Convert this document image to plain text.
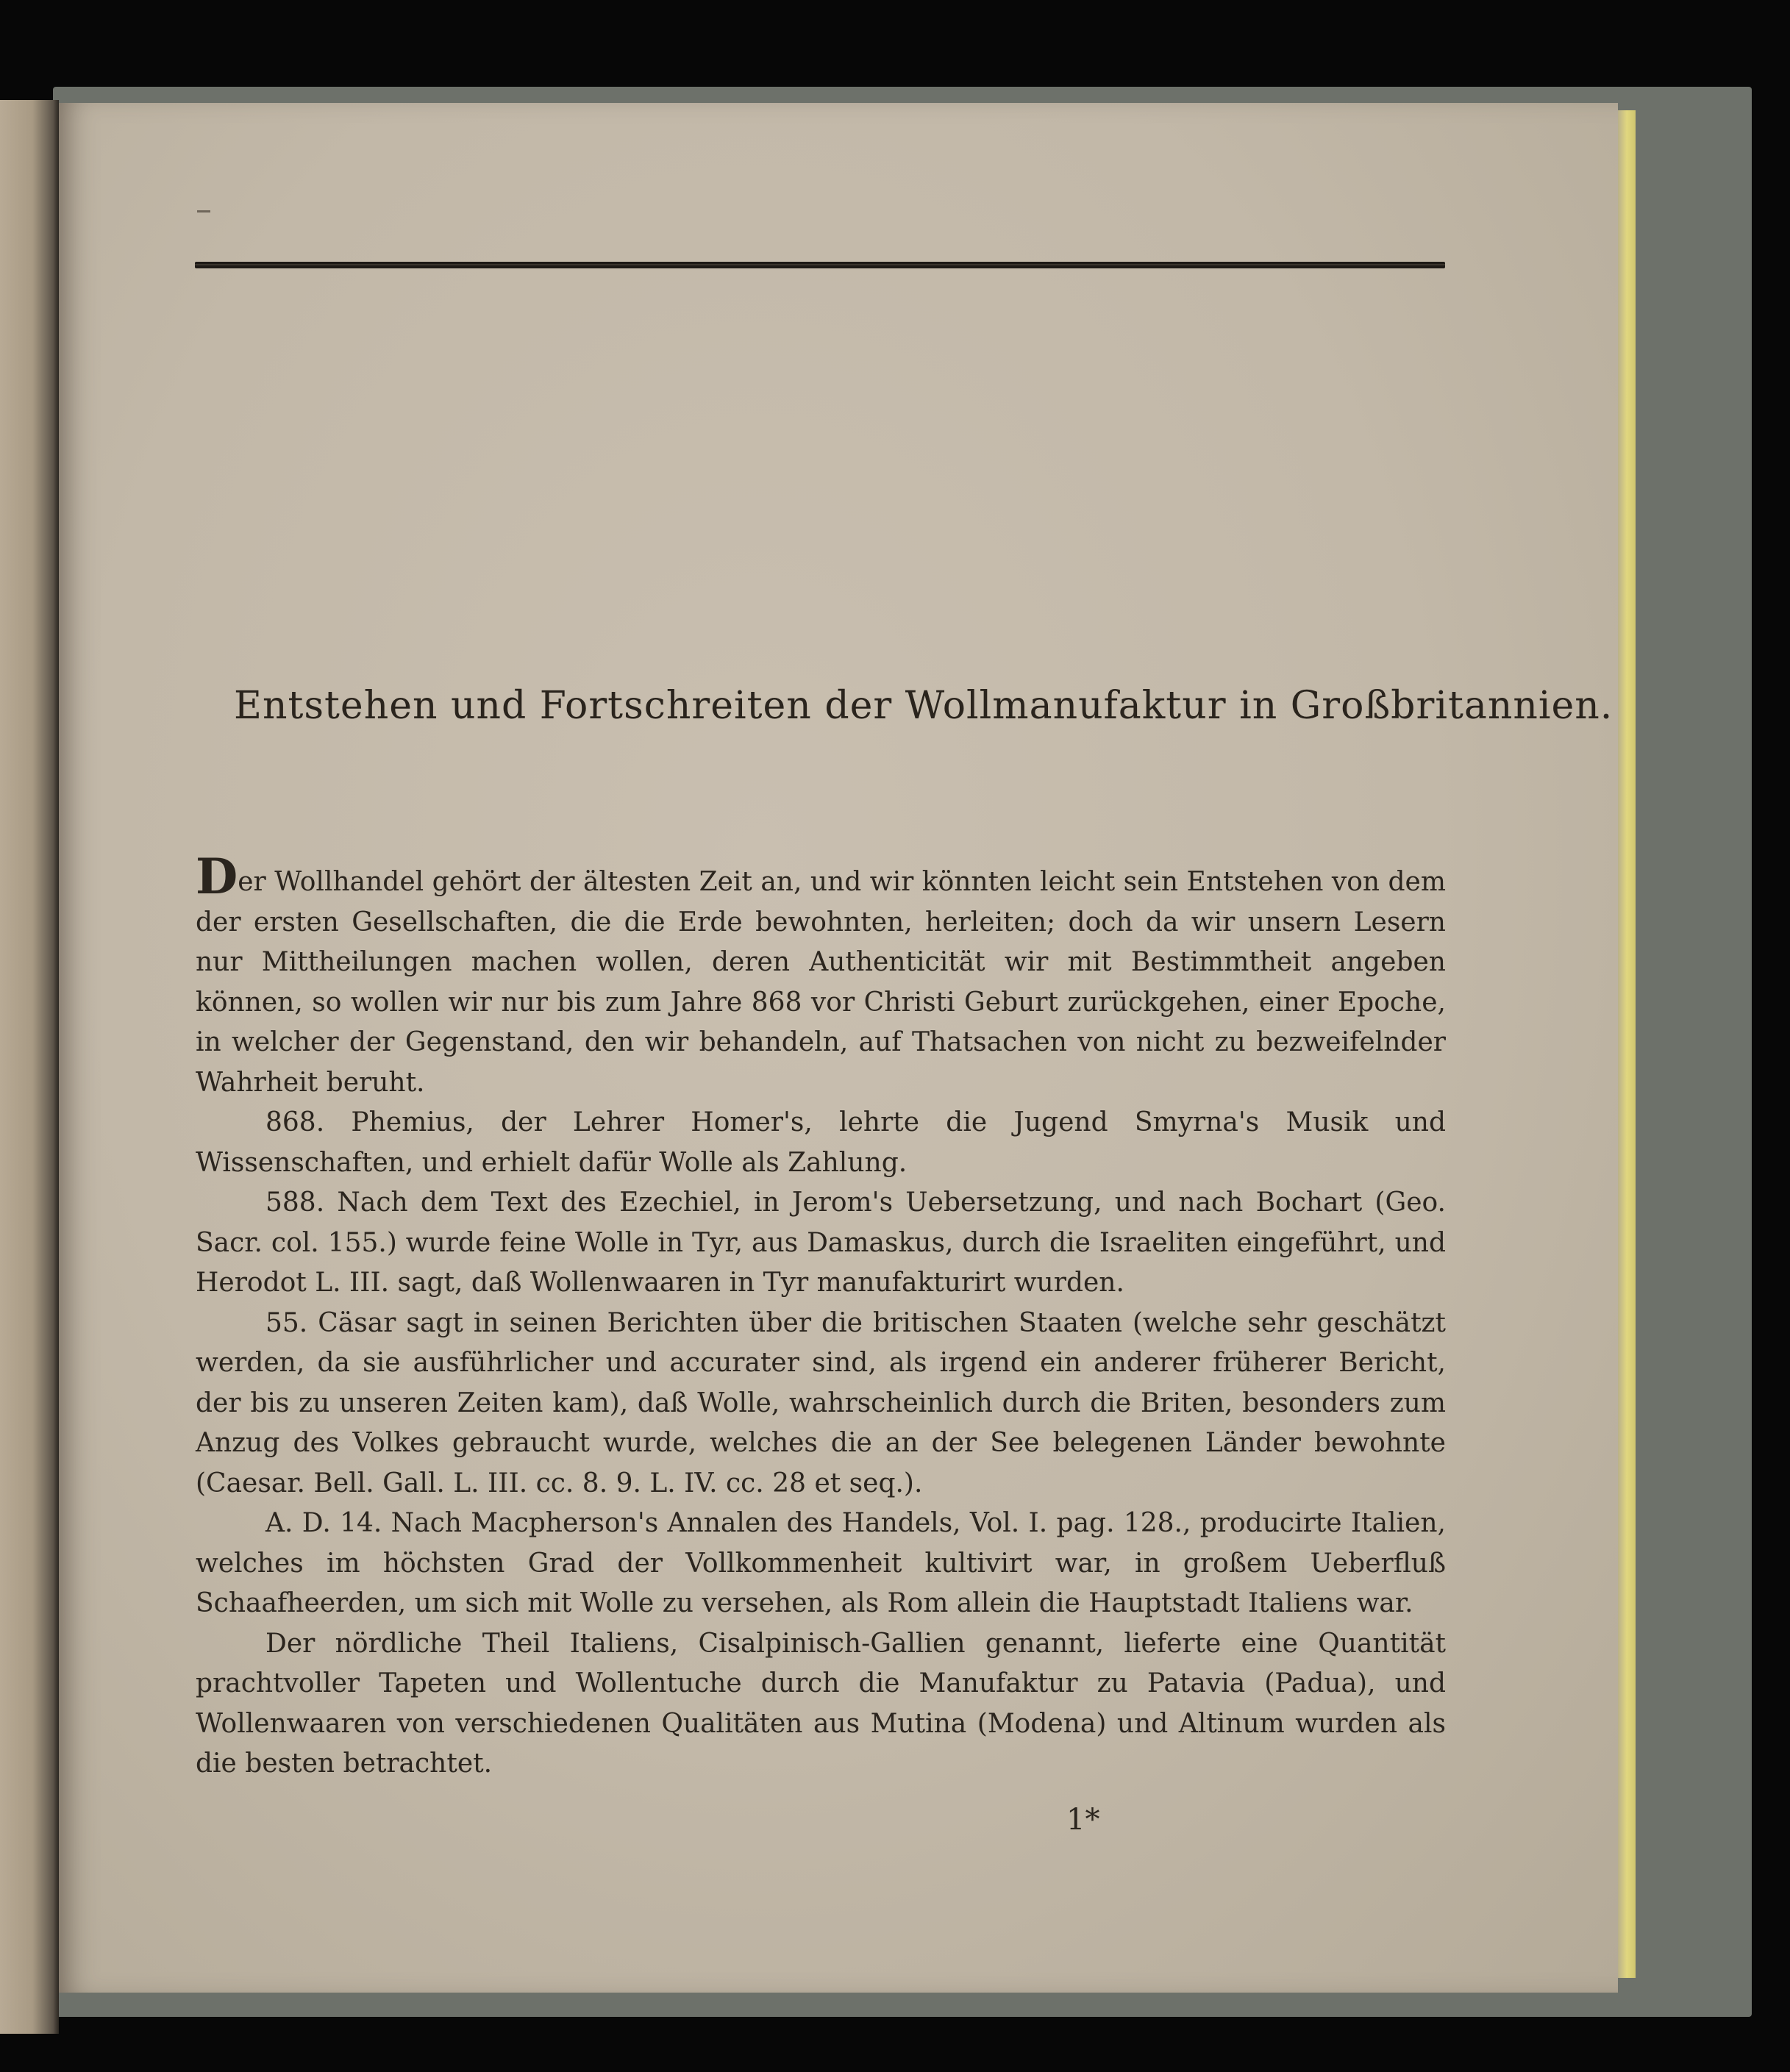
Entstehen und Fortschreiten der Wollmanufaktur in Großbritannien.

Der Wollhandel gehört der ältesten Zeit an, und wir könnten leicht sein Entstehen von dem der ersten Gesellschaften, die die Erde bewohnten, herleiten; doch da wir unsern Lesern nur Mittheilungen machen wollen, deren Authenticität wir mit Bestimmtheit angeben können, so wollen wir nur bis zum Jahre 868 vor Christi Geburt zurückgehen, einer Epoche, in welcher der Gegenstand, den wir behandeln, auf Thatsachen von nicht zu bezweifelnder Wahrheit beruht.

868. Phemius, der Lehrer Homer's, lehrte die Jugend Smyrna's Musik und Wissenschaften, und erhielt dafür Wolle als Zahlung.

588. Nach dem Text des Ezechiel, in Jerom's Uebersetzung, und nach Bochart (Geo. Sacr. col. 155.) wurde feine Wolle in Tyr, aus Damaskus, durch die Israeliten eingeführt, und Herodot L. III. sagt, daß Wollenwaaren in Tyr manufakturirt wurden.

55. Cäsar sagt in seinen Berichten über die britischen Staaten (welche sehr geschätzt werden, da sie ausführlicher und accurater sind, als irgend ein anderer früherer Bericht, der bis zu unseren Zeiten kam), daß Wolle, wahrscheinlich durch die Briten, besonders zum Anzug des Volkes gebraucht wurde, welches die an der See belegenen Länder bewohnte (Caesar. Bell. Gall. L. III. cc. 8. 9. L. IV. cc. 28 et seq.).

A. D. 14. Nach Macpherson's Annalen des Handels, Vol. I. pag. 128., producirte Italien, welches im höchsten Grad der Vollkommenheit kultivirt war, in großem Ueberfluß Schaafheerden, um sich mit Wolle zu versehen, als Rom allein die Hauptstadt Italiens war.

Der nördliche Theil Italiens, Cisalpinisch-Gallien genannt, lieferte eine Quantität prachtvoller Tapeten und Wollentuche durch die Manufaktur zu Patavia (Padua), und Wollenwaaren von verschiedenen Qualitäten aus Mutina (Modena) und Altinum wurden als die besten betrachtet.

1*
